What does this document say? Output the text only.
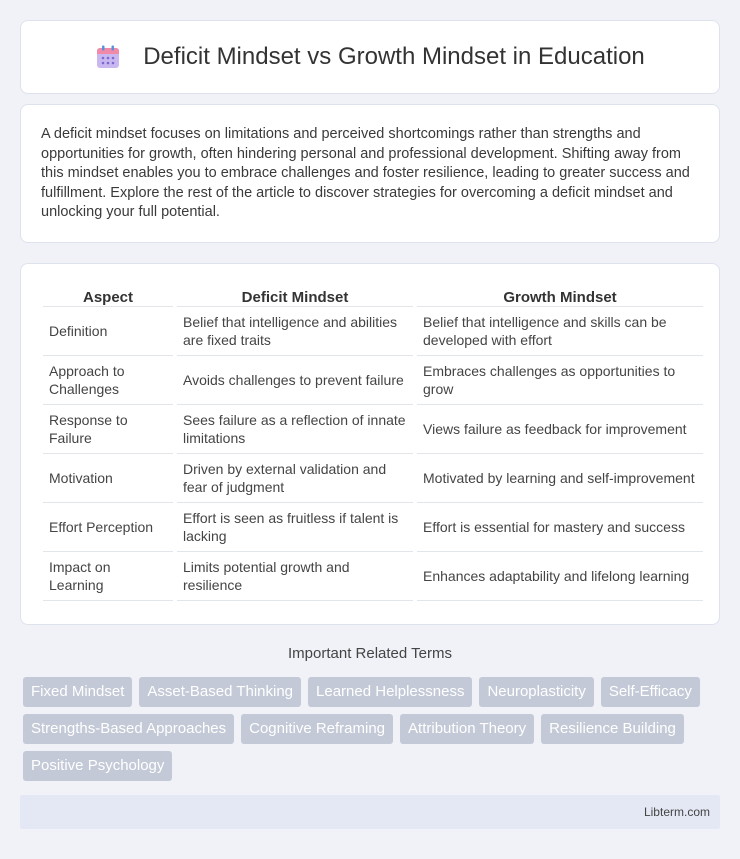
Deficit Mindset vs Growth Mindset in Education

A deficit mindset focuses on limitations and perceived shortcomings rather than strengths and opportunities for growth, often hindering personal and professional development. Shifting away from this mindset enables you to embrace challenges and foster resilience, leading to greater success and fulfillment. Explore the rest of the article to discover strategies for overcoming a deficit mindset and unlocking your full potential.

Aspect	Deficit Mindset	Growth Mindset
Definition	Belief that intelligence and abilities are fixed traits	Belief that intelligence and skills can be developed with effort
Approach to Challenges	Avoids challenges to prevent failure	Embraces challenges as opportunities to grow
Response to Failure	Sees failure as a reflection of innate limitations	Views failure as feedback for improvement
Motivation	Driven by external validation and fear of judgment	Motivated by learning and self-improvement
Effort Perception	Effort is seen as fruitless if talent is lacking	Effort is essential for mastery and success
Impact on Learning	Limits potential growth and resilience	Enhances adaptability and lifelong learning
Important Related Terms
Fixed Mindset	Asset-Based Thinking	Learned Helplessness	Neuroplasticity	Self-Efficacy
Strengths-Based Approaches	Cognitive Reframing	Attribution Theory	Resilience Building
Positive Psychology
Libterm.com
